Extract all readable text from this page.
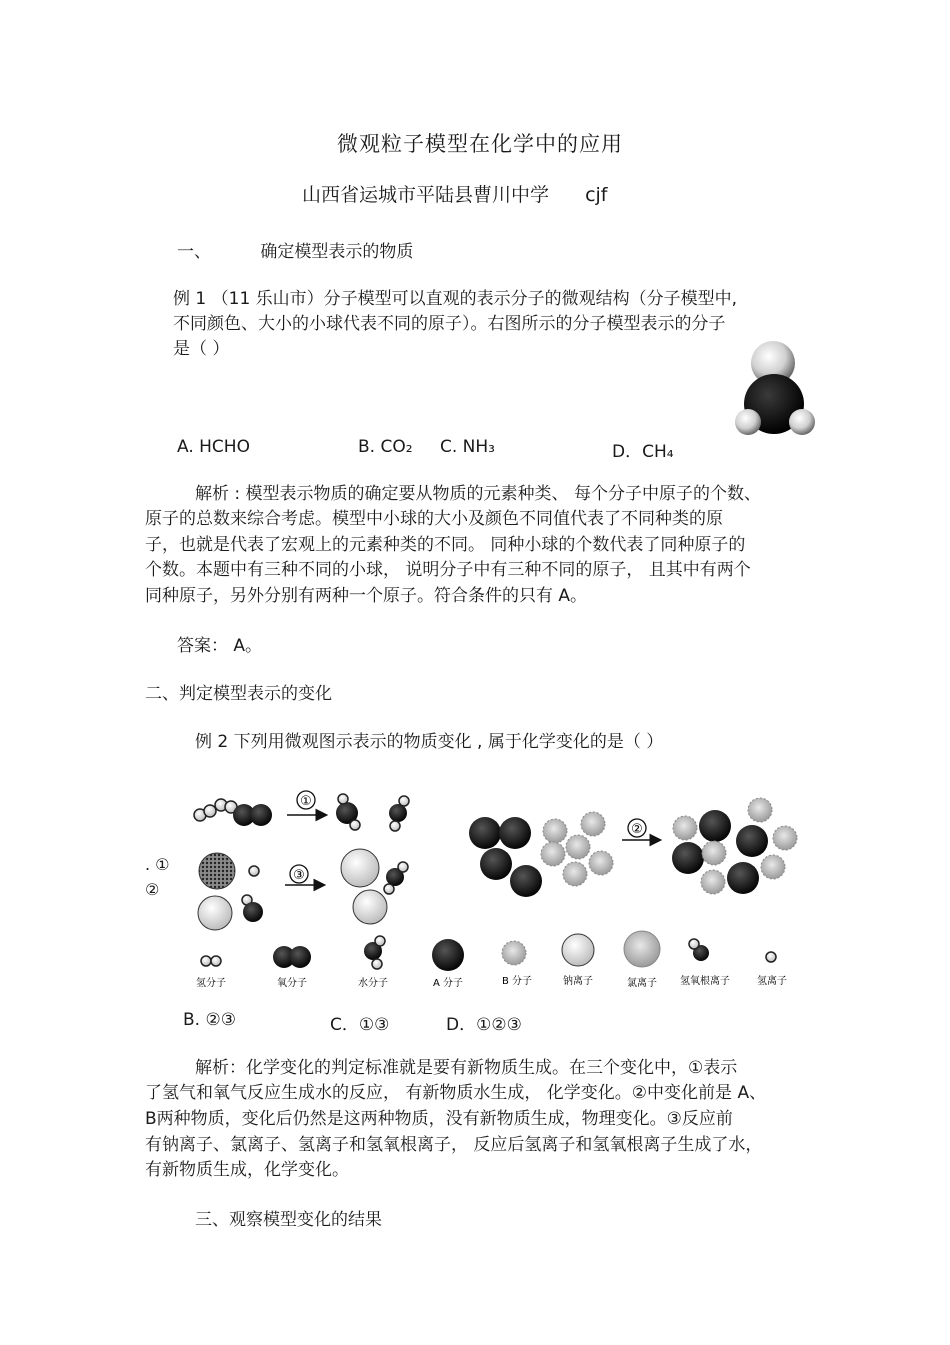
微观粒子模型在化学中的应用
山西省运城市平陆县曹川中学 cjf
一、	确定模型表示的物质
例 1 （11 乐山市）分子模型可以直观的表示分子的微观结构（分子模型中,
不同颜色、大小的小球代表不同的原子）。右图所示的分子模型表示的分子
是（ ）
A. HCHO	B. CO₂ C. NH₃	D．CH₄
解析 : 模型表示物质的确定要从物质的元素种类、 每个分子中原子的个数、
原子的总数来综合考虑。模型中小球的大小及颜色不同值代表了不同种类的原
子，也就是代表了宏观上的元素种类的不同。 同种小球的个数代表了同种原子的
个数。本题中有三种不同的小球， 说明分子中有三种不同的原子， 且其中有两个
同种原子，另外分别有两种一个原子。符合条件的只有 A。
答案： A。
二、判定模型表示的变化
例 2 下列用微观图示表示的物质变化 , 属于化学变化的是（ ）
. ①
②
①
③
②
氢分子	氧分子	水分子	A 分子	B 分子	钠离子	氯离子 氢氧根离子	氢离子
B. ②③	C．①③	D．①②③
解析：化学变化的判定标准就是要有新物质生成。在三个变化中，①表示
了氢气和氧气反应生成水的反应， 有新物质水生成， 化学变化。②中变化前是 A、
B两种物质，变化后仍然是这两种物质，没有新物质生成，物理变化。③反应前
有钠离子、氯离子、氢离子和氢氧根离子， 反应后氢离子和氢氧根离子生成了水，
有新物质生成，化学变化。
三、观察模型变化的结果
